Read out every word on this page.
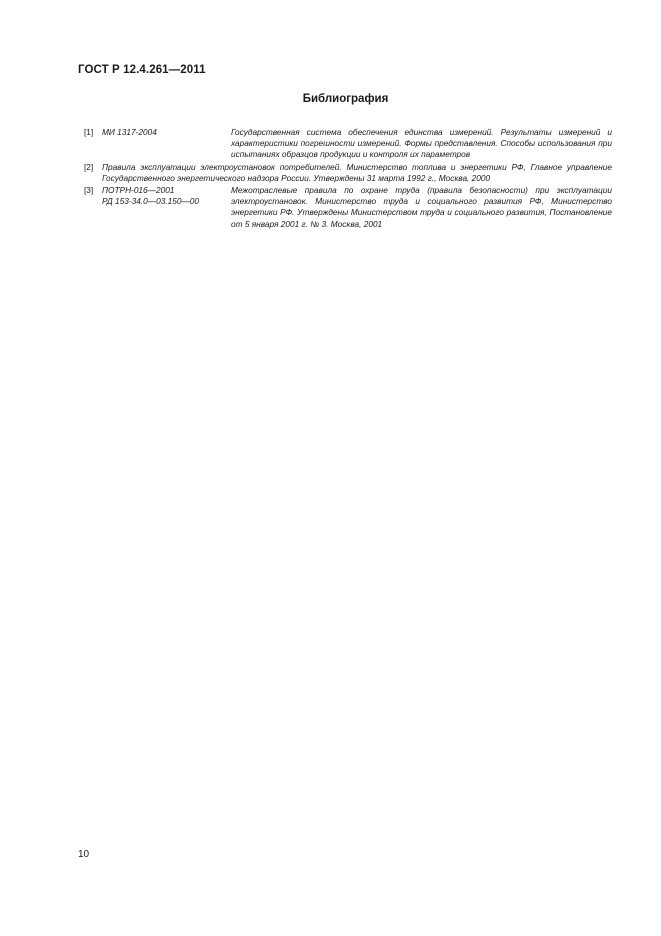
ГОСТ Р 12.4.261—2011
Библиография
[1] МИ 1317-2004	Государственная система обеспечения единства измерений. Результаты измерений и характеристики погрешности измерений. Формы представления. Способы использования при испытаниях образцов продукции и контроля их параметров
[2] Правила эксплуатации электроустановок потребителей. Министерство топлива и энергетики РФ, Главное управление Государственного энергетического надзора России. Утверждены 31 марта 1992 г., Москва, 2000
[3] ПОТРН-016—2001
РД 153-34.0—03.150—00
Межотраслевые правила по охране труда (правила безопасности) при эксплуатации электроустановок. Министерство труда и социального развития РФ, Министерство энергетики РФ. Утверждены Министерством труда и социального развития, Постановление от 5 января 2001 г. № 3. Москва, 2001
10
